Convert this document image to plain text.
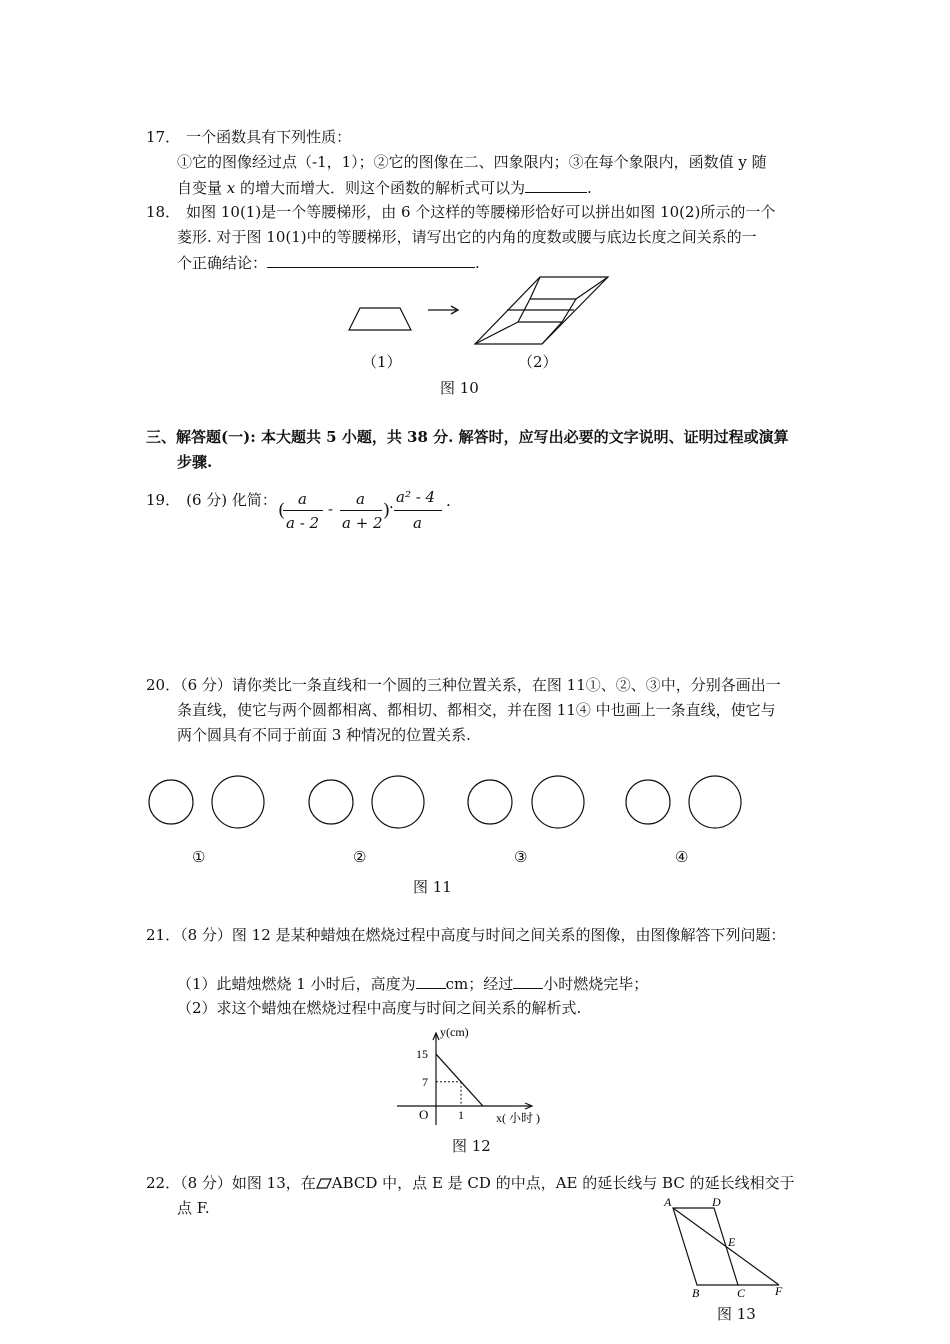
17． 一个函数具有下列性质：
①它的图像经过点（-1，1）；②它的图像在二、四象限内；③在每个象限内，函数值 y 随
自变量 x 的增大而增大．则这个函数的解析式可以为	.
18． 如图 10(1)是一个等腰梯形，由 6 个这样的等腰梯形恰好可以拼出如图 10(2)所示的一个
菱形. 对于图 10(1)中的等腰梯形，请写出它的内角的度数或腰与底边长度之间关系的一
个正确结论：	.
（1）	（2）
图 10
三、解答题(一): 本大题共 5 小题，共 38 分. 解答时，应写出必要的文字说明、证明过程或演算
步骤.
19． (6 分) 化简： (
a
a - 2
-
a
a + 2
)
·
a² - 4
a
.
20．（6 分）请你类比一条直线和一个圆的三种位置关系，在图 11①、②、③中，分别各画出一
条直线，使它与两个圆都相离、都相切、都相交，并在图 11④ 中也画上一条直线，使它与
两个圆具有不同于前面 3 种情况的位置关系.
①	②	③	④
图 11
21．（8 分）图 12 是某种蜡烛在燃烧过程中高度与时间之间关系的图像，由图像解答下列问题：
（1）此蜡烛燃烧 1 小时后，高度为 cm；经过 小时燃烧完毕；
（2）求这个蜡烛在燃烧过程中高度与时间之间关系的解析式.
y(cm)
x( 小时 )
O
15
7
1
图 12
22．（8 分）如图 13，在 ABCD 中，点 E 是 CD 的中点，AE 的延长线与 BC 的延长线相交于
点 F.	A	D
E
B	C F
图 13
